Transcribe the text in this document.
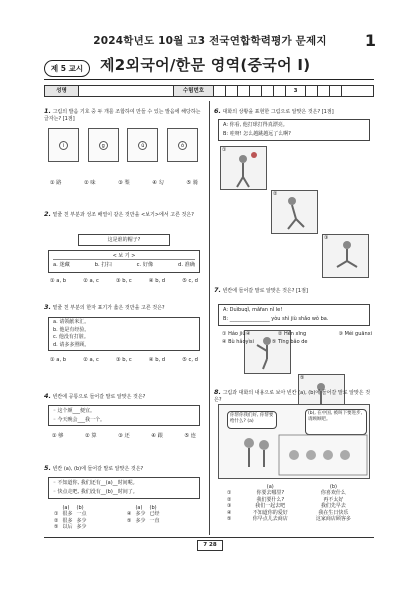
2024학년도 10월 고3 전국연합학력평가 문제지	1
제 5 교시	제2외국어/한문 영역(중국어 Ⅰ)
성명	수험번호	3
1. 그림의 발음 기호 중 두 개를 조합하여 만들 수 있는 발음에 해당하는 글자는? [1점]
ì	g	ǔ	ǒ
① 路	② 味	③ 梨	④ 勾	⑤ 骑
2. 밑줄 친 부분과 성조 배열이 같은 것만을 <보기>에서 고른 것은?
这是谁的帽子?
< 보 기 >
a. 迷藏	b. 打扫	c. 好像	d. 准确
① a, b	② a, c	③ b, c	④ b, d	⑤ c, d
3. 밑줄 친 부분의 한자 표기가 옳은 것만을 고른 것은?
a. 请领献米汇。
b. 他是有经验。
c. 他没有打脏。
d. 请多多照顾。
① a, b	② a, c	③ b, c	④ b, d	⑤ c, d
4. 빈칸에 공통으로 들어갈 말로 알맞은 것은?
◦ 这个颜___便宜。
◦ 今天晚会___我一个。
① 够	② 算	③ 还	④ 跟	⑤ 连
5. 빈칸 (a), (b)에 들어갈 말로 알맞은 것은?
◦ 不知道你, 我们还有__(a)__时间呢。
◦ 快点走吧, 我们没有__(b)__时间了。
	(a)	(b)
①	很多	一点
②	很多	多少
⑤	以后	多少
	(a)	(b)
④	多少	已经
⑤	多少	一直
6. 대화의 상황을 표현한 그림으로 알맞은 것은? [1점]
A: 你看, 他打球打得真漂亮。
B: 哇呀! 怎么越跳越远了么啊?
①
②
③
④
⑤
7. 빈칸에 들어갈 말로 알맞은 것은? [1점]
A: Duìbuqǐ, mǎfan nǐ le!
B: ________________ yòu shì jiù shǎo wǒ ba.
① Háo jiǔ	② Hěn xīng	③ Méi guānxi
④ Bù hǎoyìsi	⑤ Tīng bǎo de
8. 그림과 대화의 내용으로 보아 빈칸 (a), (b)에 들어갈 말로 알맞은 것은?
你帮你我们好, 你帮要给什么? (a)
(b), 在中国, 被叫下要进步, 请顾顾吧。
	(a)	(b)
①	你要去哪里?	你喜欢什么
②	我们要什么?	再不太好
③	我们一起去吧	我们先早去
④	不知道你的爱好	我在生日快乐
⑤	你早点儿去商店	这家商店顾客多
7 28
